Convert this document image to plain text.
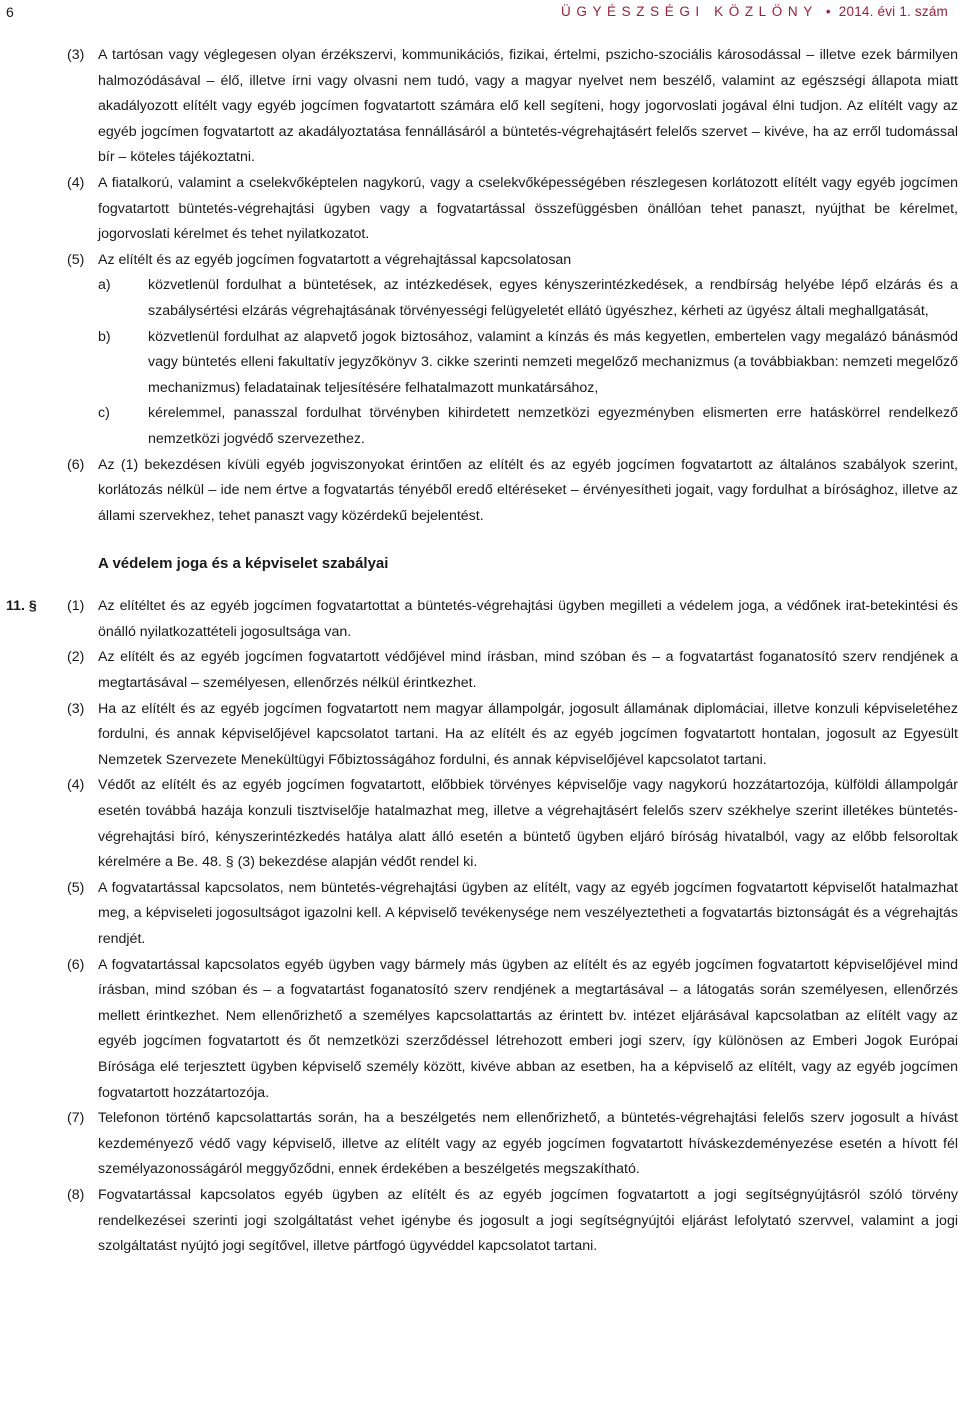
6	ÜGYÉSZSÉGI KÖZLÖNY • 2014. évi 1. szám
(3) A tartósan vagy véglegesen olyan érzékszervi, kommunikációs, fizikai, értelmi, pszicho-szociális károsodással – illetve ezek bármilyen halmozódásával – élő, illetve írni vagy olvasni nem tudó, vagy a magyar nyelvet nem beszélő, valamint az egészségi állapota miatt akadályozott elítélt vagy egyéb jogcímen fogvatartott számára elő kell segíteni, hogy jogorvoslati jogával élni tudjon. Az elítélt vagy az egyéb jogcímen fogvatartott az akadályoztatása fennállásáról a büntetés-végrehajtásért felelős szervet – kivéve, ha az erről tudomással bír – köteles tájékoztatni.
(4) A fiatalkorú, valamint a cselekvőképtelen nagykorú, vagy a cselekvőképességében részlegesen korlátozott elítélt vagy egyéb jogcímen fogvatartott büntetés-végrehajtási ügyben vagy a fogvatartással összefüggésben önállóan tehet panaszt, nyújthat be kérelmet, jogorvoslati kérelmet és tehet nyilatkozatot.
(5) Az elítélt és az egyéb jogcímen fogvatartott a végrehajtással kapcsolatosan
a)	közvetlenül fordulhat a büntetések, az intézkedések, egyes kényszerintézkedések, a rendbírság helyébe lépő elzárás és a szabálysértési elzárás végrehajtásának törvényességi felügyeletét ellátó ügyészhez, kérheti az ügyész általi meghallgatását,
b)	közvetlenül fordulhat az alapvető jogok biztosához, valamint a kínzás és más kegyetlen, embertelen vagy megalázó bánásmód vagy büntetés elleni fakultatív jegyzőkönyv 3. cikke szerinti nemzeti megelőző mechanizmus (a továbbiakban: nemzeti megelőző mechanizmus) feladatainak teljesítésére felhatalmazott munkatársához,
c)	kérelemmel, panasszal fordulhat törvényben kihirdetett nemzetközi egyezményben elismerten erre hatáskörrel rendelkező nemzetközi jogvédő szervezethez.
(6) Az (1) bekezdésen kívüli egyéb jogviszonyokat érintően az elítélt és az egyéb jogcímen fogvatartott az általános szabályok szerint, korlátozás nélkül – ide nem értve a fogvatartás tényéből eredő eltéréseket – érvényesítheti jogait, vagy fordulhat a bírósághoz, illetve az állami szervekhez, tehet panaszt vagy közérdekű bejelentést.
A védelem joga és a képviselet szabályai
11. § (1) Az elítéltet és az egyéb jogcímen fogvatartottat a büntetés-végrehajtási ügyben megilleti a védelem joga, a védőnek irat-betekintési és önálló nyilatkozattételi jogosultsága van.
(2) Az elítélt és az egyéb jogcímen fogvatartott védőjével mind írásban, mind szóban és – a fogvatartást foganatosító szerv rendjének a megtartásával – személyesen, ellenőrzés nélkül érintkezhet.
(3) Ha az elítélt és az egyéb jogcímen fogvatartott nem magyar állampolgár, jogosult államának diplomáciai, illetve konzuli képviseletéhez fordulni, és annak képviselőjével kapcsolatot tartani. Ha az elítélt és az egyéb jogcímen fogvatartott hontalan, jogosult az Egyesült Nemzetek Szervezete Menekültügyi Főbiztosságához fordulni, és annak képviselőjével kapcsolatot tartani.
(4) Védőt az elítélt és az egyéb jogcímen fogvatartott, előbbiek törvényes képviselője vagy nagykorú hozzátartozója, külföldi állampolgár esetén továbbá hazája konzuli tisztviselője hatalmazhat meg, illetve a végrehajtásért felelős szerv székhelye szerint illetékes büntetés-végrehajtási bíró, kényszerintézkedés hatálya alatt álló esetén a büntető ügyben eljáró bíróság hivatalból, vagy az előbb felsoroltak kérelmére a Be. 48. § (3) bekezdése alapján védőt rendel ki.
(5) A fogvatartással kapcsolatos, nem büntetés-végrehajtási ügyben az elítélt, vagy az egyéb jogcímen fogvatartott képviselőt hatalmazhat meg, a képviseleti jogosultságot igazolni kell. A képviselő tevékenysége nem veszélyeztetheti a fogvatartás biztonságát és a végrehajtás rendjét.
(6) A fogvatartással kapcsolatos egyéb ügyben vagy bármely más ügyben az elítélt és az egyéb jogcímen fogvatartott képviselőjével mind írásban, mind szóban és – a fogvatartást foganatosító szerv rendjének a megtartásával – a látogatás során személyesen, ellenőrzés mellett érintkezhet. Nem ellenőrizhető a személyes kapcsolattartás az érintett bv. intézet eljárásával kapcsolatban az elítélt vagy az egyéb jogcímen fogvatartott és őt nemzetközi szerződéssel létrehozott emberi jogi szerv, így különösen az Emberi Jogok Európai Bírósága elé terjesztett ügyben képviselő személy között, kivéve abban az esetben, ha a képviselő az elítélt, vagy az egyéb jogcímen fogvatartott hozzátartozója.
(7) Telefonon történő kapcsolattartás során, ha a beszélgetés nem ellenőrizhető, a büntetés-végrehajtási felelős szerv jogosult a hívást kezdeményező védő vagy képviselő, illetve az elítélt vagy az egyéb jogcímen fogvatartott híváskezdeményezése esetén a hívott fél személyazonosságáról meggyőződni, ennek érdekében a beszélgetés megszakítható.
(8) Fogvatartással kapcsolatos egyéb ügyben az elítélt és az egyéb jogcímen fogvatartott a jogi segítségnyújtásról szóló törvény rendelkezései szerinti jogi szolgáltatást vehet igénybe és jogosult a jogi segítségnyújtói eljárást lefolytató szervvel, valamint a jogi szolgáltatást nyújtó jogi segítővel, illetve pártfogó ügyvéddel kapcsolatot tartani.
